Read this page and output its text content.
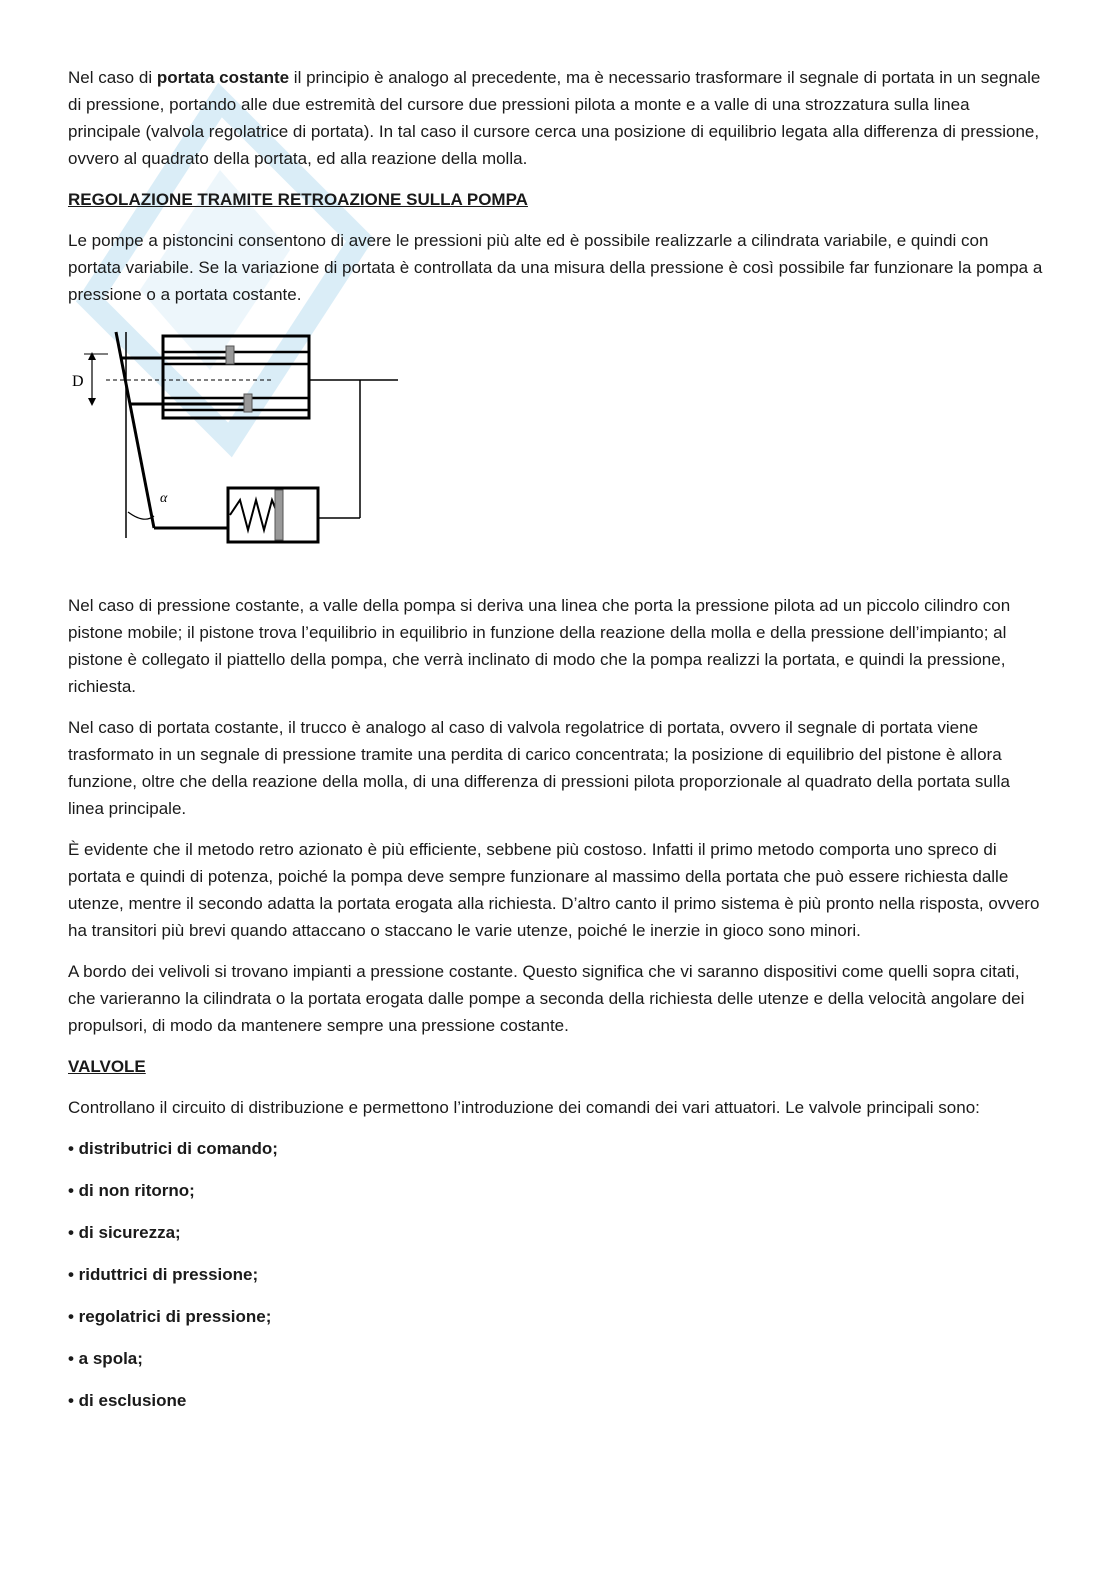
Nel caso di portata costante il principio è analogo al precedente, ma è necessario trasformare il segnale di portata in un segnale di pressione, portando alle due estremità del cursore due pressioni pilota a monte e a valle di una strozzatura sulla linea principale (valvola regolatrice di portata). In tal caso il cursore cerca una posizione di equilibrio legata alla differenza di pressione, ovvero al quadrato della portata, ed alla reazione della molla.

REGOLAZIONE TRAMITE RETROAZIONE SULLA POMPA

Le pompe a pistoncini consentono di avere le pressioni più alte ed è possibile realizzarle a cilindrata variabile, e quindi con portata variabile. Se la variazione di portata è controllata da una misura della pressione è così possibile far funzionare la pompa a pressione o a portata costante.

D
α

Nel caso di pressione costante, a valle della pompa si deriva una linea che porta la pressione pilota ad un piccolo cilindro con pistone mobile; il pistone trova l’equilibrio in equilibrio in funzione della reazione della molla e della pressione dell’impianto; al pistone è collegato il piattello della pompa, che verrà inclinato di modo che la pompa realizzi la portata, e quindi la pressione, richiesta.

Nel caso di portata costante, il trucco è analogo al caso di valvola regolatrice di portata, ovvero il segnale di portata viene trasformato in un segnale di pressione tramite una perdita di carico concentrata; la posizione di equilibrio del pistone è allora funzione, oltre che della reazione della molla, di una differenza di pressioni pilota proporzionale al quadrato della portata sulla linea principale.

È evidente che il metodo retro azionato è più efficiente, sebbene più costoso. Infatti il primo metodo comporta uno spreco di portata e quindi di potenza, poiché la pompa deve sempre funzionare al massimo della portata che può essere richiesta dalle utenze, mentre il secondo adatta la portata erogata alla richiesta. D’altro canto il primo sistema è più pronto nella risposta, ovvero ha transitori più brevi quando attaccano o staccano le varie utenze, poiché le inerzie in gioco sono minori.

A bordo dei velivoli si trovano impianti a pressione costante. Questo significa che vi saranno dispositivi come quelli sopra citati, che varieranno la cilindrata o la portata erogata dalle pompe a seconda della richiesta delle utenze e della velocità angolare dei propulsori, di modo da mantenere sempre una pressione costante.

VALVOLE

Controllano il circuito di distribuzione e permettono l’introduzione dei comandi dei vari attuatori. Le valvole principali sono:

• distributrici di comando;

• di non ritorno;

• di sicurezza;

• riduttrici di pressione;

• regolatrici di pressione;

• a spola;

• di esclusione
